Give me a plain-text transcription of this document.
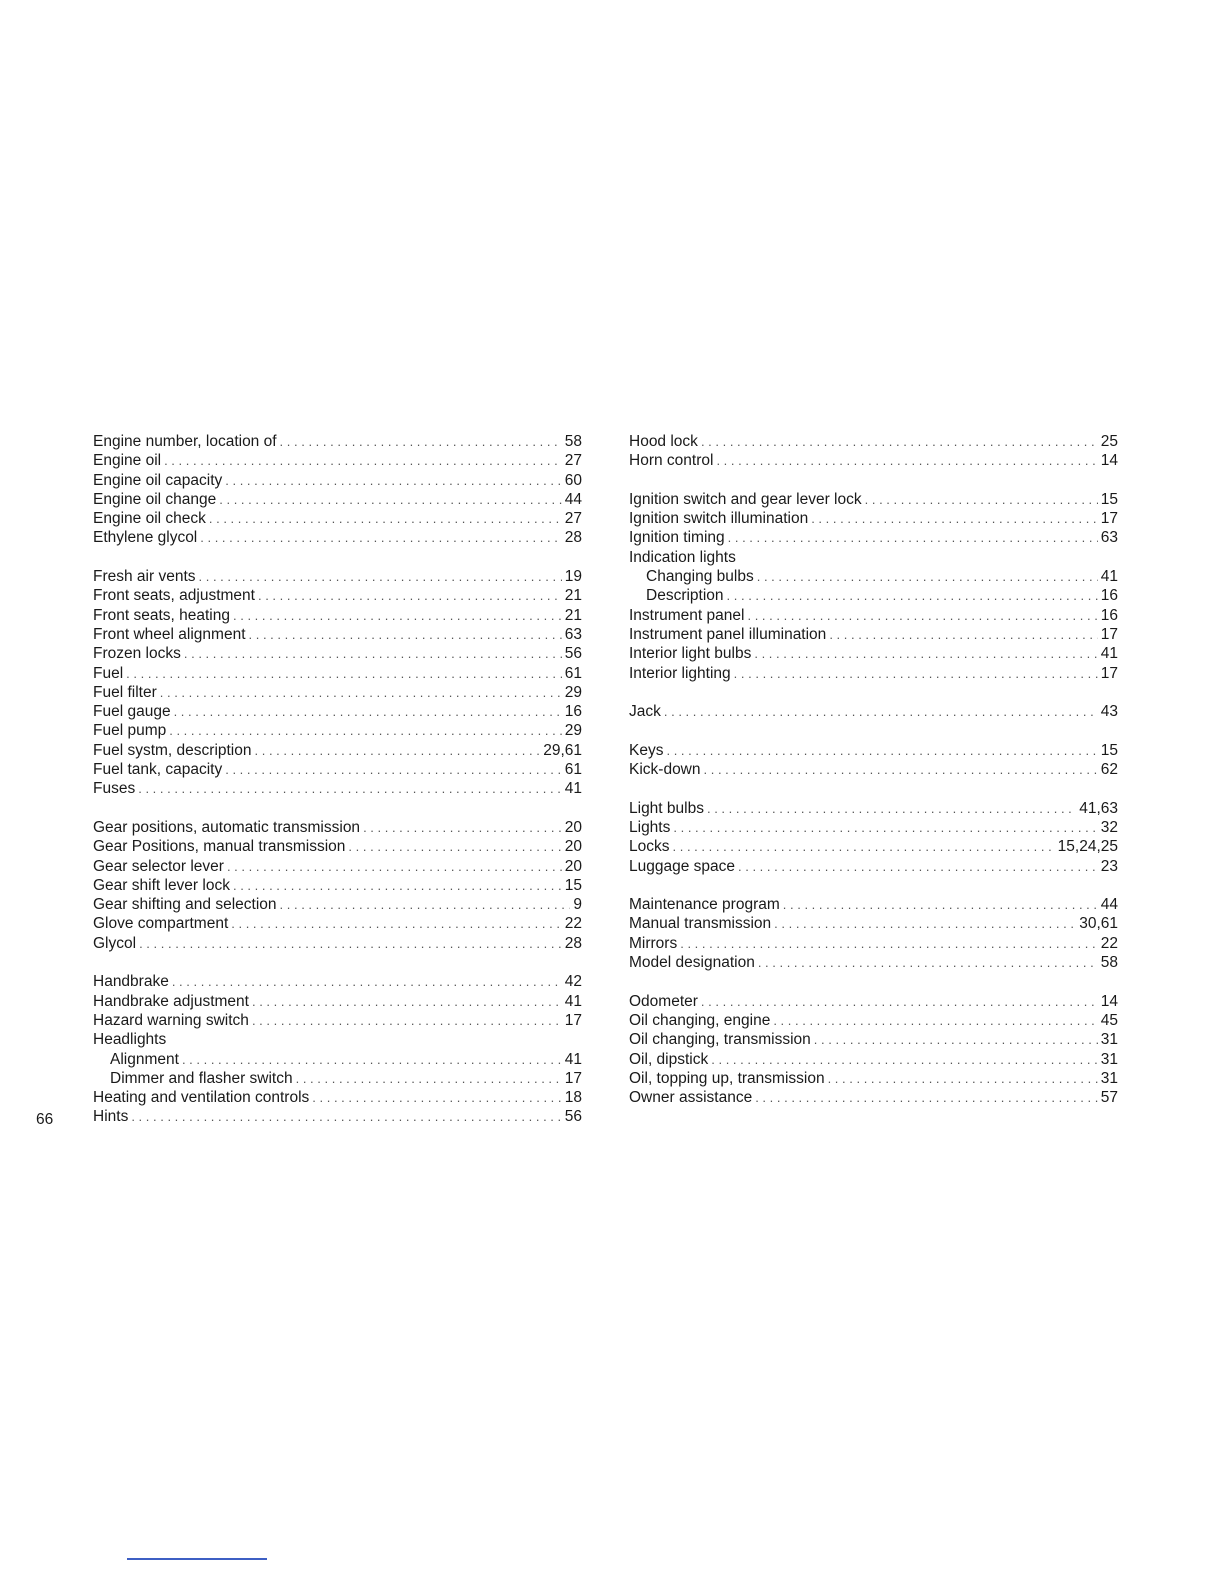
Engine number, location of . . .	58
Engine oil . . .	27
Engine oil capacity . . .	60
Engine oil change . . .	44
Engine oil check . . .	27
Ethylene glycol . . .	28
Fresh air vents . . .	19
Front seats, adjustment . . .	21
Front seats, heating . . .	21
Front wheel alignment . . .	63
Frozen locks . . .	56
Fuel . . .	61
Fuel filter . . .	29
Fuel gauge . . .	16
Fuel pump . . .	29
Fuel systm, description . . .	29,61
Fuel tank, capacity . . .	61
Fuses . . .	41
Gear positions, automatic transmission . . .	20
Gear Positions, manual transmission . . .	20
Gear selector lever . . .	20
Gear shift lever lock . . .	15
Gear shifting and selection . . .	9
Glove compartment . . .	22
Glycol . . .	28
Handbrake . . .	42
Handbrake adjustment . . .	41
Hazard warning switch . . .	17
Headlights
Alignment . . .	41
Dimmer and flasher switch . . .	17
Heating and ventilation controls . . .	18
Hints . . .	56
Hood lock . . .	25
Horn control . . .	14
Ignition switch and gear lever lock . . .	15
Ignition switch illumination . . .	17
Ignition timing . . .	63
Indication lights
Changing bulbs . . .	41
Description . . .	16
Instrument panel . . .	16
Instrument panel illumination . . .	17
Interior light bulbs . . .	41
Interior lighting . . .	17
Jack . . .	43
Keys . . .	15
Kick-down . . .	62
Light bulbs . . .	41,63
Lights . . .	32
Locks . . .	15,24,25
Luggage space . . .	23
Maintenance program . . .	44
Manual transmission . . .	30,61
Mirrors . . .	22
Model designation . . .	58
Odometer . . .	14
Oil changing, engine . . .	45
Oil changing, transmission . . .	31
Oil, dipstick . . .	31
Oil, topping up, transmission . . .	31
Owner assistance . . .	57
66
